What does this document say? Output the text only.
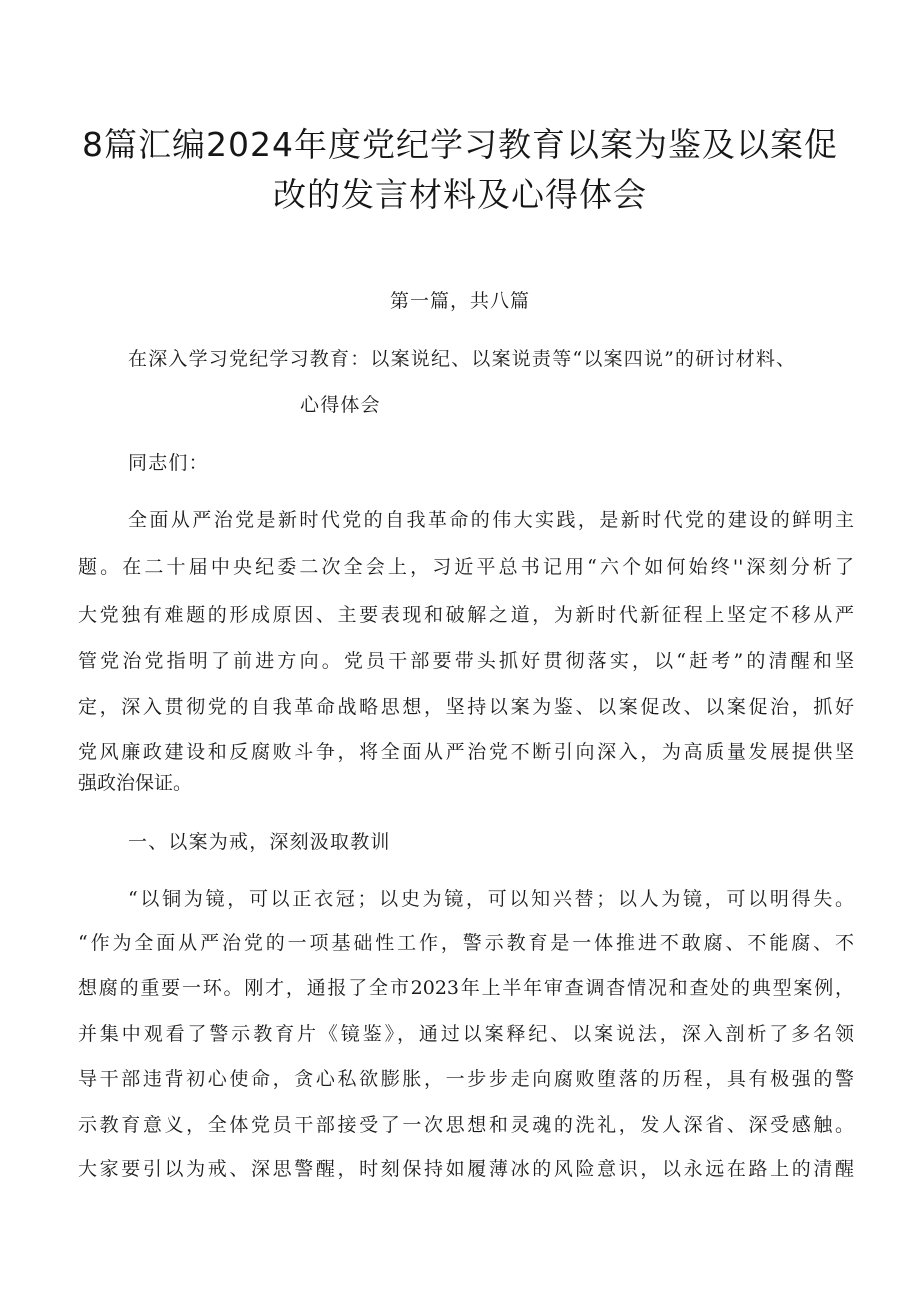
8篇汇编2024年度党纪学习教育以案为鉴及以案促
改的发言材料及心得体会
第一篇，共八篇
在深入学习党纪学习教育：以案说纪、以案说责等“以案四说”的研讨材料、
心得体会
同志们：
全面从严治党是新时代党的自我革命的伟大实践，是新时代党的建设的鲜明主
题。在二十届中央纪委二次全会上，习近平总书记用“六个如何始终''深刻分析了
大党独有难题的形成原因、主要表现和破解之道，为新时代新征程上坚定不移从严
管党治党指明了前进方向。党员干部要带头抓好贯彻落实，以“赶考”的清醒和坚
定，深入贯彻党的自我革命战略思想，坚持以案为鉴、以案促改、以案促治，抓好
党风廉政建设和反腐败斗争，将全面从严治党不断引向深入，为高质量发展提供坚
强政治保证。
一、以案为戒，深刻汲取教训
“以铜为镜，可以正衣冠；以史为镜，可以知兴替；以人为镜，可以明得失。
“作为全面从严治党的一项基础性工作，警示教育是一体推进不敢腐、不能腐、不
想腐的重要一环。刚才，通报了全市2023年上半年审查调杳情况和查处的典型案例，
并集中观看了警示教育片《镜鉴》，通过以案释纪、以案说法，深入剖析了多名领
导干部违背初心使命，贪心私欲膨胀，一步步走向腐败堕落的历程，具有极强的警
示教育意义，全体党员干部接受了一次思想和灵魂的洗礼，发人深省、深受感触。
大家要引以为戒、深思警醒，时刻保持如履薄冰的风险意识，以永远在路上的清醒
